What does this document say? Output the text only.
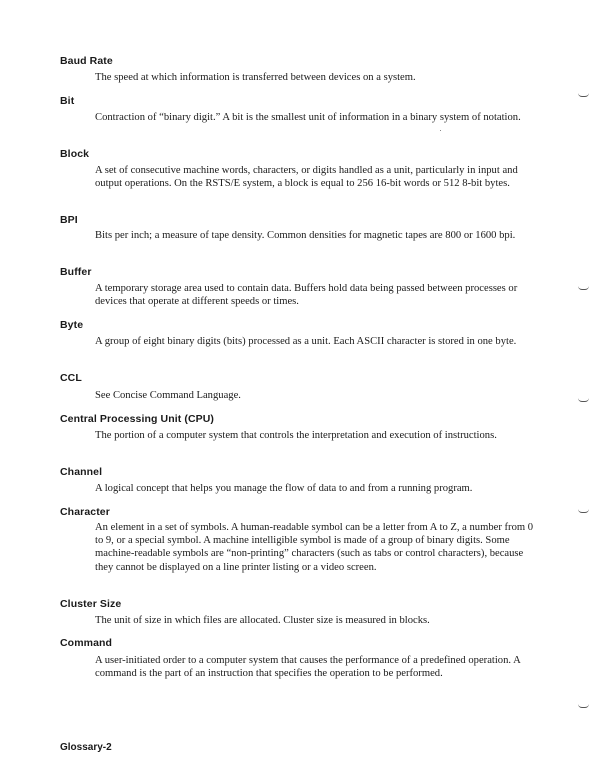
Baud Rate
The speed at which information is transferred between devices on a system.
Bit
Contraction of “binary digit.” A bit is the smallest unit of information in a binary system of notation.
Block
A set of consecutive machine words, characters, or digits handled as a unit, particularly in input and output operations. On the RSTS/E system, a block is equal to 256 16-bit words or 512 8-bit bytes.
BPI
Bits per inch; a measure of tape density. Common densities for magnetic tapes are 800 or 1600 bpi.
Buffer
A temporary storage area used to contain data. Buffers hold data being passed between processes or devices that operate at different speeds or times.
Byte
A group of eight binary digits (bits) processed as a unit. Each ASCII character is stored in one byte.
CCL
See Concise Command Language.
Central Processing Unit (CPU)
The portion of a computer system that controls the interpretation and execution of instructions.
Channel
A logical concept that helps you manage the flow of data to and from a running program.
Character
An element in a set of symbols. A human-readable symbol can be a letter from A to Z, a number from 0 to 9, or a special symbol. A machine intelligible symbol is made of a group of binary digits. Some machine-readable symbols are “non-printing” characters (such as tabs or control characters), because they cannot be displayed on a line printer listing or a video screen.
Cluster Size
The unit of size in which files are allocated. Cluster size is measured in blocks.
Command
A user-initiated order to a computer system that causes the performance of a predefined operation. A command is the part of an instruction that specifies the operation to be performed.
Glossary-2
